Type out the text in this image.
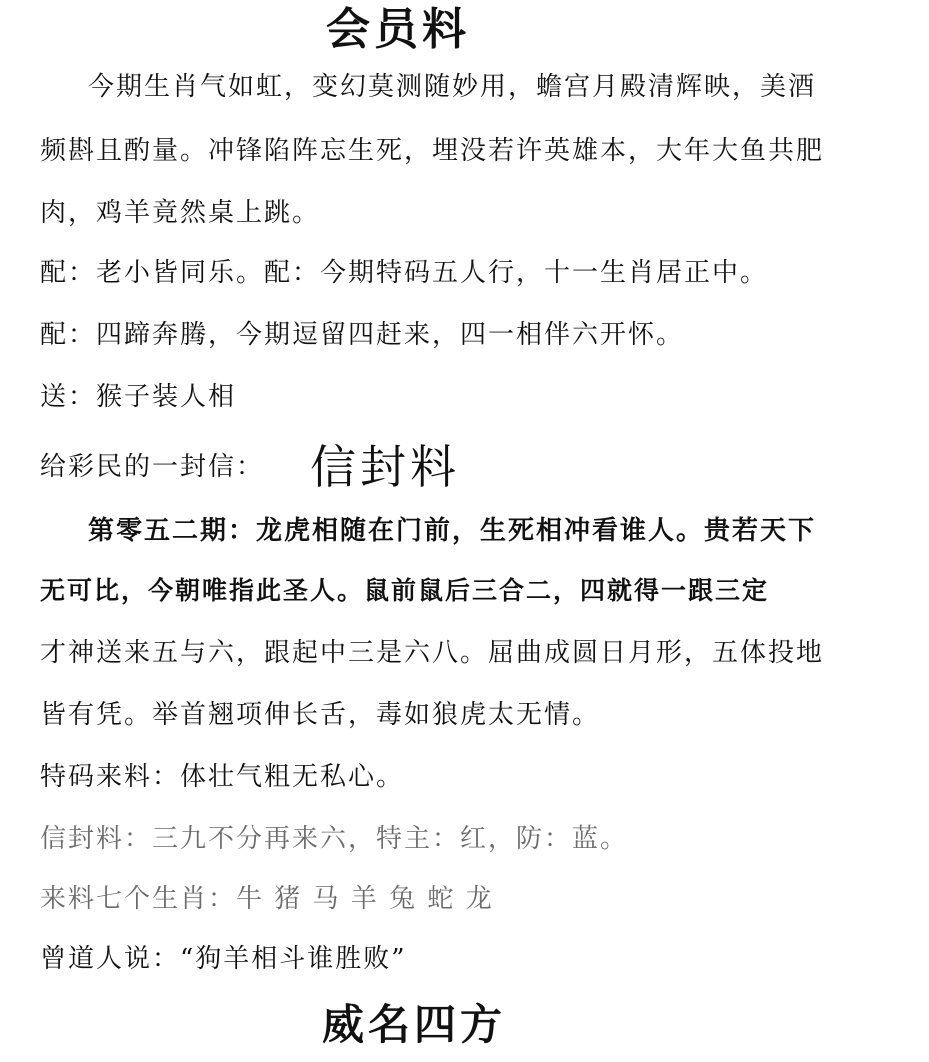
会员料
今期生肖气如虹，变幻莫测随妙用，蟾宫月殿清辉映，美酒
频斟且酌量。冲锋陷阵忘生死，埋没若许英雄本，大年大鱼共肥
肉，鸡羊竟然桌上跳。
配：老小皆同乐。配：今期特码五人行，十一生肖居正中。
配：四蹄奔腾，今期逗留四赶来，四一相伴六开怀。
送：猴子装人相
给彩民的一封信： 信封料
第零五二期：龙虎相随在门前，生死相冲看谁人。贵若天下
无可比，今朝唯指此圣人。鼠前鼠后三合二，四就得一跟三定
才神送来五与六，跟起中三是六八。屈曲成圆日月形，五体投地
皆有凭。举首翘项伸长舌，毒如狼虎太无情。
特码来料：体壮气粗无私心。
信封料：三九不分再来六，特主：红，防：蓝。
来料七个生肖：牛 猪 马 羊 兔 蛇 龙
曾道人说：“狗羊相斗谁胜败”
威名四方
